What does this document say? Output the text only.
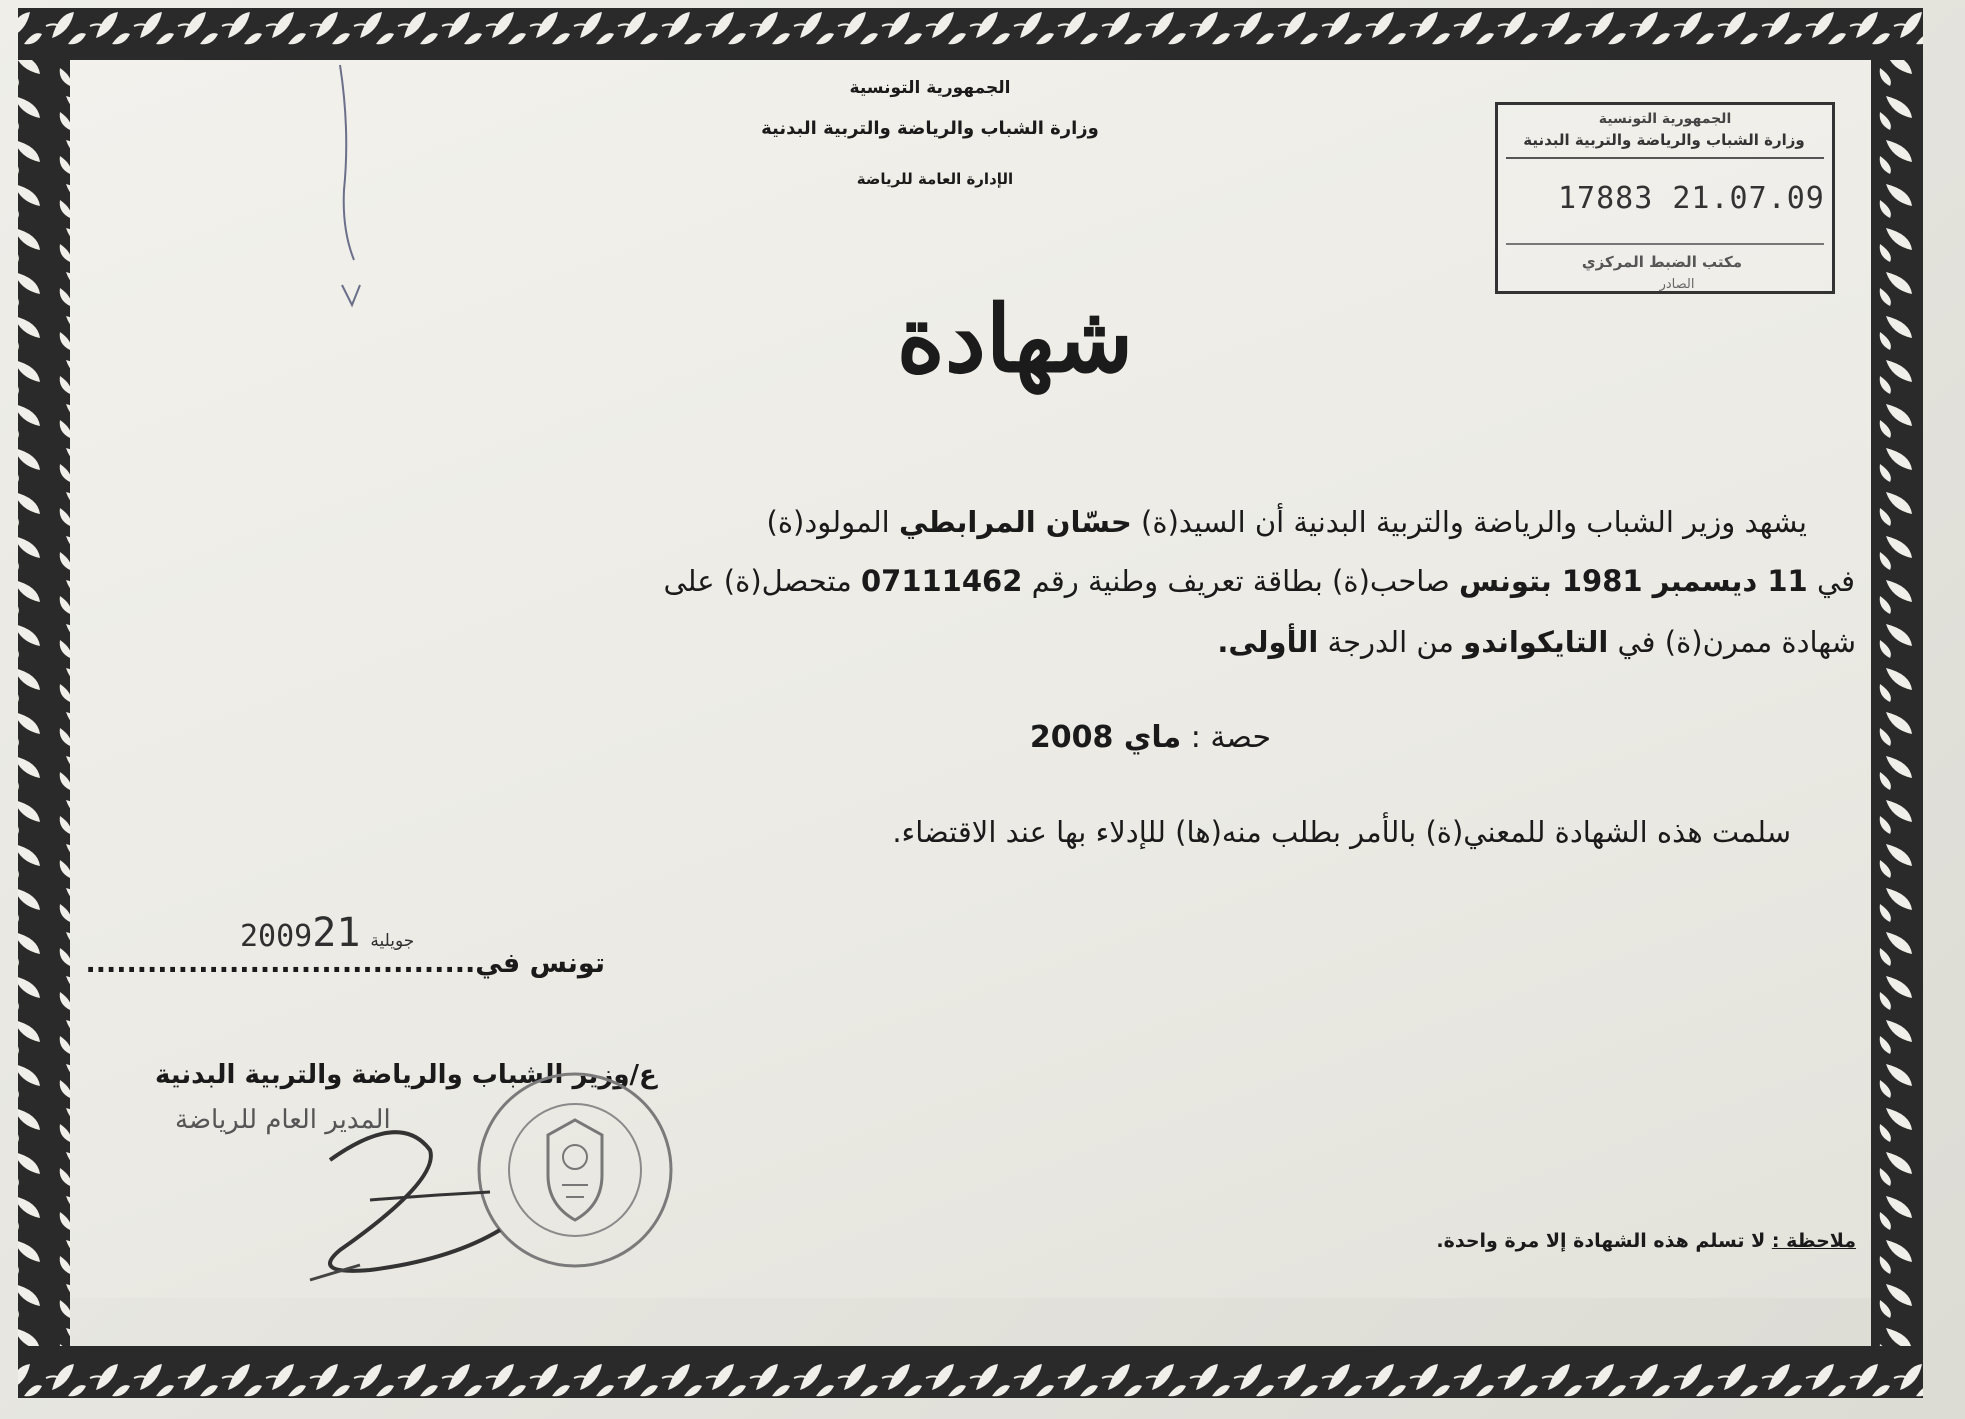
الجمهورية التونسية
وزارة الشباب والرياضة والتربية البدنية
الإدارة العامة للرياضة
الجمهورية التونسية
وزارة الشباب والرياضة والتربية البدنية
17883 21.07.09
مكتب الضبط المركزي
الصادر
شهادة
يشهد وزير الشباب والرياضة والتربية البدنية أن السيد(ة) حسّان المرابطي المولود(ة)
في 11 ديسمبر 1981 بتونس صاحب(ة) بطاقة تعريف وطنية رقم 07111462 متحصل(ة) على
شهادة ممرن(ة) في التايكواندو من الدرجة الأولى.
حصة : ماي 2008
سلمت هذه الشهادة للمعني(ة) بالأمر بطلب منه(ها) للإدلاء بها عند الاقتضاء.
2009	جويلية21
تونس في......................................
ع/وزير الشباب والرياضة والتربية البدنية
المدير العام للرياضة
ملاحظة : لا تسلم هذه الشهادة إلا مرة واحدة.
